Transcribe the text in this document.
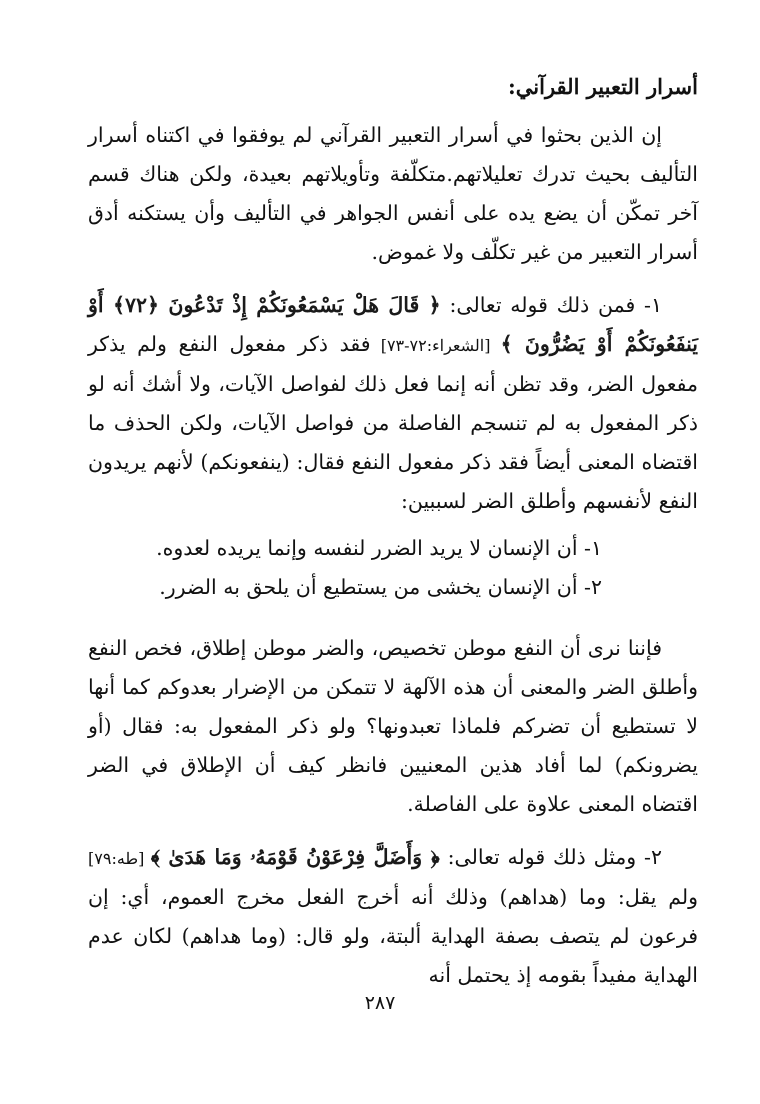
أسرار التعبير القرآني:

إن الذين بحثوا في أسرار التعبير القرآني لم يوفقوا في اكتناه أسرار التأليف بحيث تدرك تعليلاتهم.متكلّفة وتأويلاتهم بعيدة، ولكن هناك قسم آخر تمكّن أن يضع يده على أنفس الجواهر في التأليف وأن يستكنه أدق أسرار التعبير من غير تكلّف ولا غموض.

١- فمن ذلك قوله تعالى: ﴿ قَالَ هَلْ يَسْمَعُونَكُمْ إِذْ تَدْعُونَ ﴿٧٢﴾ أَوْ يَنفَعُونَكُمْ أَوْ يَضُرُّونَ ﴾ [الشعراء:٧٢-٧٣] فقد ذكر مفعول النفع ولم يذكر مفعول الضر، وقد تظن أنه إنما فعل ذلك لفواصل الآيات، ولا أشك أنه لو ذكر المفعول به لم تنسجم الفاصلة من فواصل الآيات، ولكن الحذف ما اقتضاه المعنى أيضاً فقد ذكر مفعول النفع فقال: (ينفعونكم) لأنهم يريدون النفع لأنفسهم وأطلق الضر لسببين:

١- أن الإنسان لا يريد الضرر لنفسه وإنما يريده لعدوه.

٢- أن الإنسان يخشى من يستطيع أن يلحق به الضرر.

فإننا نرى أن النفع موطن تخصيص، والضر موطن إطلاق، فخص النفع وأطلق الضر والمعنى أن هذه الآلهة لا تتمكن من الإضرار بعدوكم كما أنها لا تستطيع أن تضركم فلماذا تعبدونها؟ ولو ذكر المفعول به: فقال (أو يضرونكم) لما أفاد هذين المعنيين فانظر كيف أن الإطلاق في الضر اقتضاه المعنى علاوة على الفاصلة.

٢- ومثل ذلك قوله تعالى: ﴿ وَأَضَلَّ فِرْعَوْنُ قَوْمَهُۥ وَمَا هَدَىٰ ﴾ [طه:٧٩] ولم يقل: وما (هداهم) وذلك أنه أخرج الفعل مخرج العموم، أي: إن فرعون لم يتصف بصفة الهداية ألبتة، ولو قال: (وما هداهم) لكان عدم الهداية مفيداً بقومه إذ يحتمل أنه

٢٨٧
